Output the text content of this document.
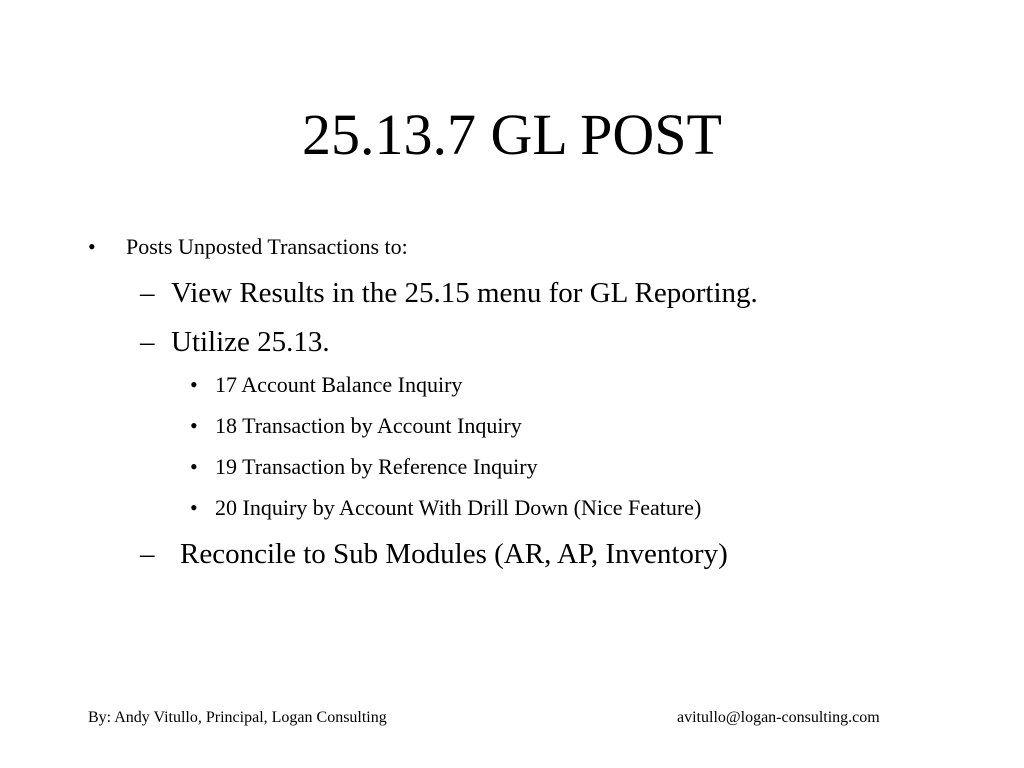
25.13.7 GL POST
• Posts Unposted Transactions to:
– View Results in the 25.15 menu for GL Reporting.
– Utilize 25.13.
• 17 Account Balance Inquiry
• 18 Transaction by Account Inquiry
• 19 Transaction by Reference Inquiry
• 20 Inquiry by Account With Drill Down (Nice Feature)
– Reconcile to Sub Modules (AR, AP, Inventory)
By: Andy Vitullo, Principal, Logan Consulting	avitullo@logan-consulting.com
